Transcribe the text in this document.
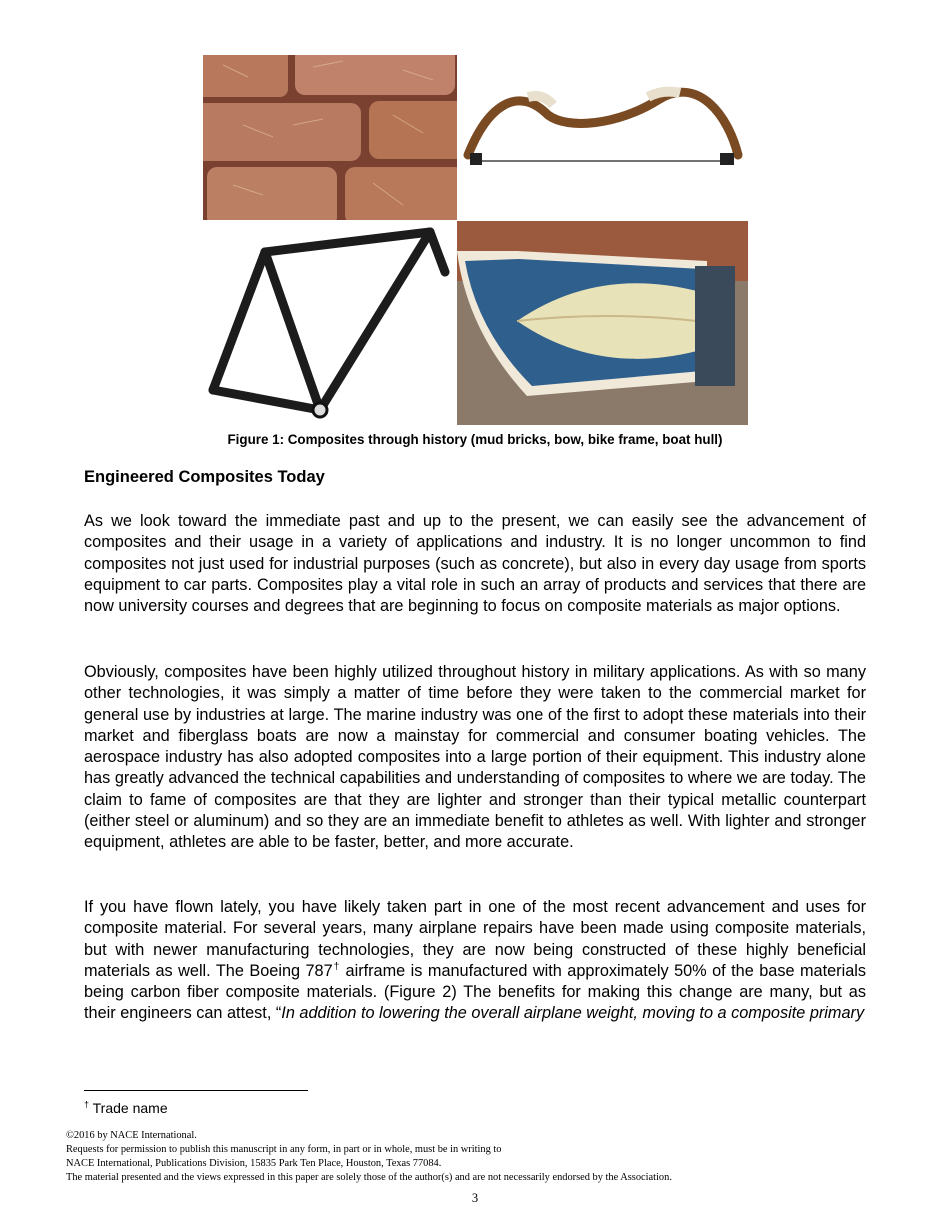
Figure 1: Composites through history (mud bricks, bow, bike frame, boat hull)
Engineered Composites Today
As we look toward the immediate past and up to the present, we can easily see the advancement of composites and their usage in a variety of applications and industry. It is no longer uncommon to find composites not just used for industrial purposes (such as concrete), but also in every day usage from sports equipment to car parts. Composites play a vital role in such an array of products and services that there are now university courses and degrees that are beginning to focus on composite materials as major options.
Obviously, composites have been highly utilized throughout history in military applications. As with so many other technologies, it was simply a matter of time before they were taken to the commercial market for general use by industries at large. The marine industry was one of the first to adopt these materials into their market and fiberglass boats are now a mainstay for commercial and consumer boating vehicles. The aerospace industry has also adopted composites into a large portion of their equipment. This industry alone has greatly advanced the technical capabilities and understanding of composites to where we are today. The claim to fame of composites are that they are lighter and stronger than their typical metallic counterpart (either steel or aluminum) and so they are an immediate benefit to athletes as well. With lighter and stronger equipment, athletes are able to be faster, better, and more accurate.
If you have flown lately, you have likely taken part in one of the most recent advancement and uses for composite material. For several years, many airplane repairs have been made using composite materials, but with newer manufacturing technologies, they are now being constructed of these highly beneficial materials as well. The Boeing 787† airframe is manufactured with approximately 50% of the base materials being carbon fiber composite materials. (Figure 2) The benefits for making this change are many, but as their engineers can attest, “In addition to lowering the overall airplane weight, moving to a composite primary
† Trade name
©2016 by NACE International.
Requests for permission to publish this manuscript in any form, in part or in whole, must be in writing to
NACE International, Publications Division, 15835 Park Ten Place, Houston, Texas 77084.
The material presented and the views expressed in this paper are solely those of the author(s) and are not necessarily endorsed by the Association.
3
